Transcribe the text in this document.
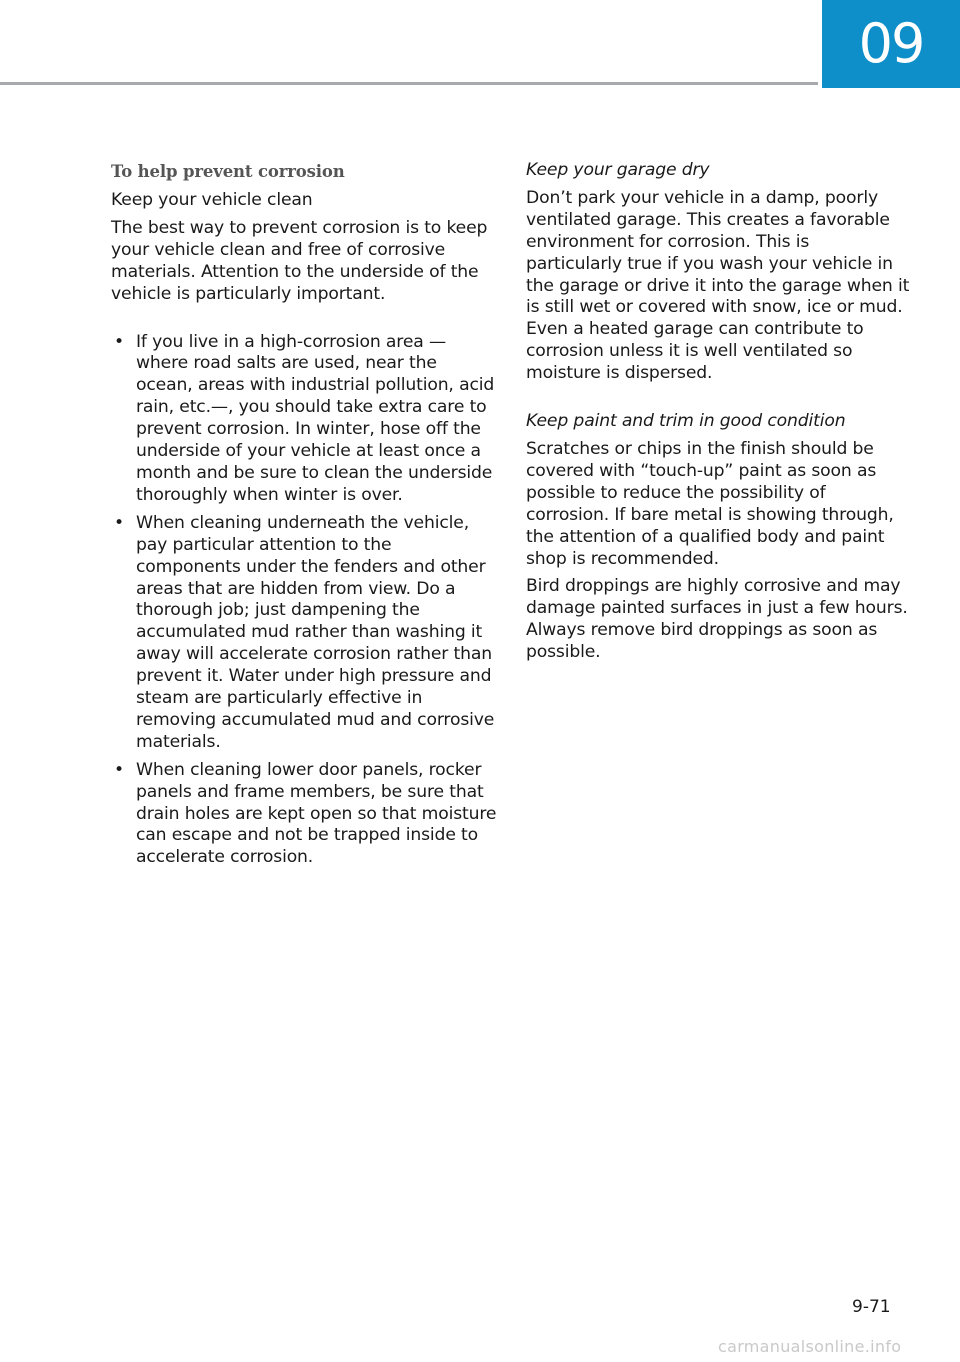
09
To help prevent corrosion
Keep your vehicle clean

The best way to prevent corrosion is to keep your vehicle clean and free of corrosive materials. Attention to the underside of the vehicle is particularly important.

• If you live in a high-corrosion area — where road salts are used, near the ocean, areas with industrial pollution, acid rain, etc.—, you should take extra care to prevent corrosion. In winter, hose off the underside of your vehicle at least once a month and be sure to clean the underside thoroughly when winter is over.
• When cleaning underneath the vehicle, pay particular attention to the components under the fenders and other areas that are hidden from view. Do a thorough job; just dampening the accumulated mud rather than washing it away will accelerate corrosion rather than prevent it. Water under high pressure and steam are particularly effective in removing accumulated mud and corrosive materials.
• When cleaning lower door panels, rocker panels and frame members, be sure that drain holes are kept open so that moisture can escape and not be trapped inside to accelerate corrosion.
Keep your garage dry

Don’t park your vehicle in a damp, poorly ventilated garage. This creates a favorable environment for corrosion. This is particularly true if you wash your vehicle in the garage or drive it into the garage when it is still wet or covered with snow, ice or mud. Even a heated garage can contribute to corrosion unless it is well ventilated so moisture is dispersed.

Keep paint and trim in good condition

Scratches or chips in the finish should be covered with “touch-up” paint as soon as possible to reduce the possibility of corrosion. If bare metal is showing through, the attention of a qualified body and paint shop is recommended.

Bird droppings are highly corrosive and may damage painted surfaces in just a few hours. Always remove bird droppings as soon as possible.

9-71
carmanualsonline.info
